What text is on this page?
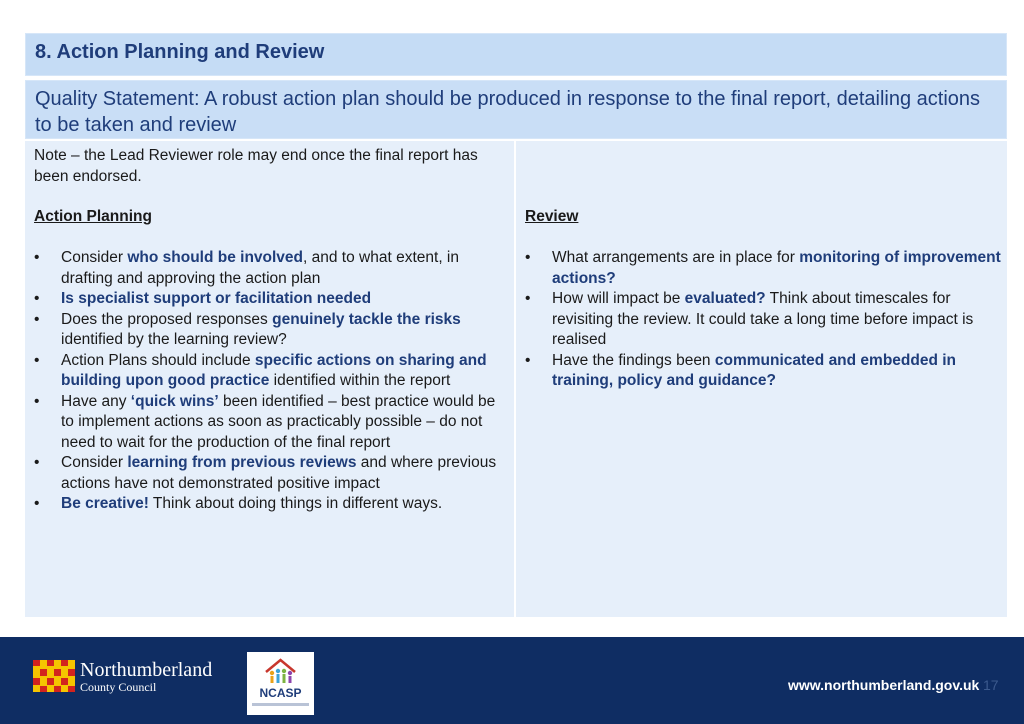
8. Action Planning and Review

Quality Statement: A robust action plan should be produced in response to the final report, detailing actions to be taken and review

Note – the Lead Reviewer role may end once the final report has been endorsed.
Action Planning
• Consider who should be involved, and to what extent, in drafting and approving the action plan
• Is specialist support or facilitation needed
• Does the proposed responses genuinely tackle the risks identified by the learning review?
• Action Plans should include specific actions on sharing and building upon good practice identified within the report
• Have any ‘quick wins’ been identified – best practice would be to implement actions as soon as practicably possible – do not need to wait for the production of the final report
• Consider learning from previous reviews and where previous actions have not demonstrated positive impact
• Be creative! Think about doing things in different ways.
Review
• What arrangements are in place for monitoring of improvement actions?
• How will impact be evaluated? Think about timescales for revisiting the review. It could take a long time before impact is realised
• Have the findings been communicated and embedded in training, policy and guidance?
Northumberland
County Council	NCASP	www.northumberland.gov.uk 17
